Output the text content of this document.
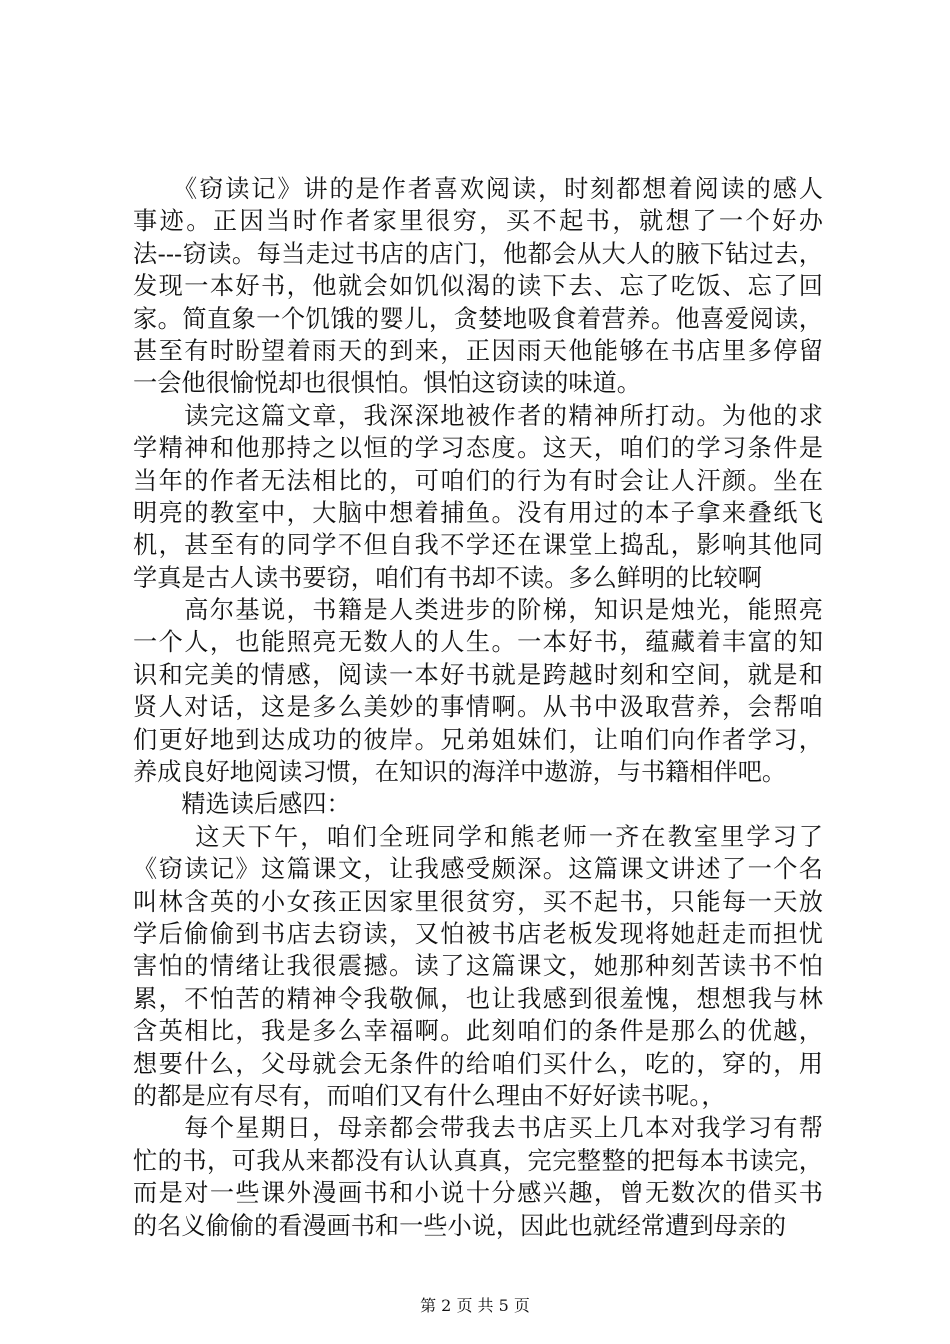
　　《窃读记》讲的是作者喜欢阅读，时刻都想着阅读的感人
事迹。正因当时作者家里很穷，买不起书，就想了一个好办
法---窃读。每当走过书店的店门，他都会从大人的腋下钻过去，
发现一本好书，他就会如饥似渴的读下去、忘了吃饭、忘了回
家。简直象一个饥饿的婴儿，贪婪地吸食着营养。他喜爱阅读，
甚至有时盼望着雨天的到来，正因雨天他能够在书店里多停留
一会他很愉悦却也很惧怕。惧怕这窃读的味道。
　　读完这篇文章，我深深地被作者的精神所打动。为他的求
学精神和他那持之以恒的学习态度。这天，咱们的学习条件是
当年的作者无法相比的，可咱们的行为有时会让人汗颜。坐在
明亮的教室中，大脑中想着捕鱼。没有用过的本子拿来叠纸飞
机，甚至有的同学不但自我不学还在课堂上捣乱，影响其他同
学真是古人读书要窃，咱们有书却不读。多么鲜明的比较啊
　　高尔基说，书籍是人类进步的阶梯，知识是烛光，能照亮
一个人，也能照亮无数人的人生。一本好书，蕴藏着丰富的知
识和完美的情感，阅读一本好书就是跨越时刻和空间，就是和
贤人对话，这是多么美妙的事情啊。从书中汲取营养，会帮咱
们更好地到达成功的彼岸。兄弟姐妹们，让咱们向作者学习，
养成良好地阅读习惯，在知识的海洋中遨游，与书籍相伴吧。
　　精选读后感四：
　　 这天下午，咱们全班同学和熊老师一齐在教室里学习了
《窃读记》这篇课文，让我感受颇深。这篇课文讲述了一个名
叫林含英的小女孩正因家里很贫穷，买不起书，只能每一天放
学后偷偷到书店去窃读，又怕被书店老板发现将她赶走而担忧
害怕的情绪让我很震撼。读了这篇课文，她那种刻苦读书不怕
累，不怕苦的精神令我敬佩，也让我感到很羞愧，想想我与林
含英相比，我是多么幸福啊。此刻咱们的条件是那么的优越，
想要什么，父母就会无条件的给咱们买什么，吃的，穿的，用
的都是应有尽有，而咱们又有什么理由不好好读书呢。，
　　每个星期日，母亲都会带我去书店买上几本对我学习有帮
忙的书，可我从来都没有认认真真，完完整整的把每本书读完，
而是对一些课外漫画书和小说十分感兴趣，曾无数次的借买书
的名义偷偷的看漫画书和一些小说，因此也就经常遭到母亲的
第 2 页 共 5 页
